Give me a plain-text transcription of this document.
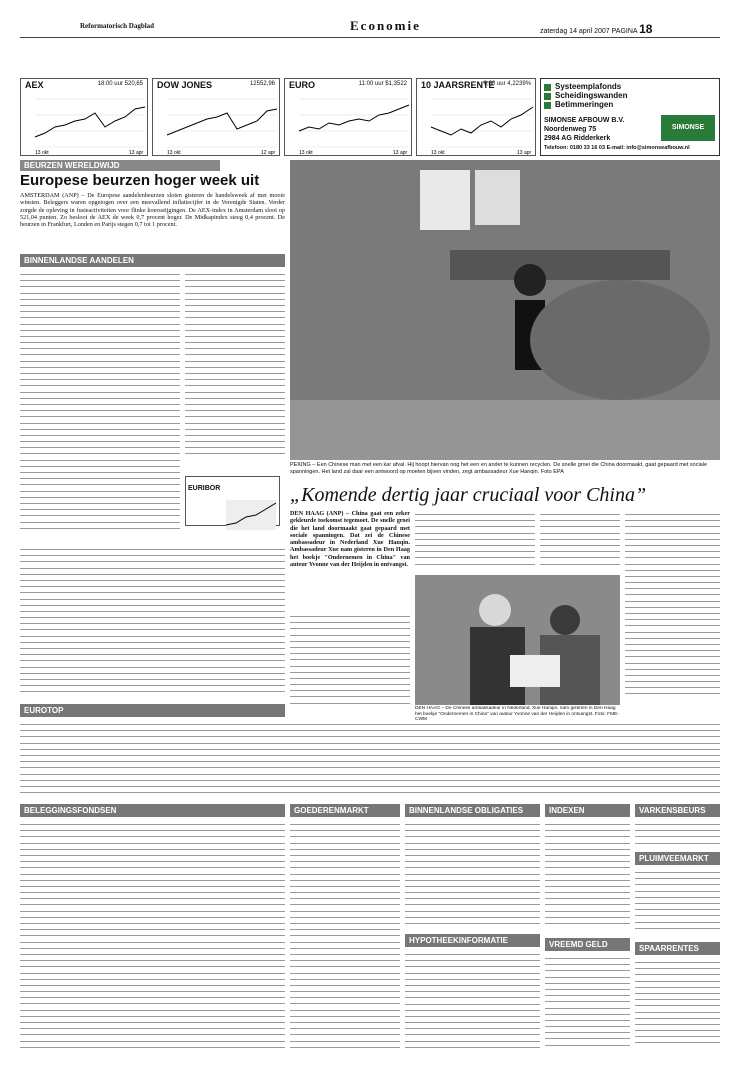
Reformatorisch Dagblad	Economie	zaterdag 14 april 2007 PAGINA 18
AEX	18:00 uur 520,65
13 okt	13 apr
DOW JONES	12552,96
13 okt	12 apr
EURO	11:00 uur $1,3522
13 okt	13 apr
10 JAARSRENTE
0,00 uur 4,2239%
13 okt	13 apr
Systeemplafonds
Scheidingswanden
Betimmeringen
SIMONSE AFBOUW B.V.
Noordenweg 75
2984 AG Ridderkerk
SIMONSE
Telefoon: 0180 33 16 03 E-mail: info@simonseafbouw.nl
BEURZEN WERELDWIJD
Europese beurzen hoger week uit
AMSTERDAM (ANP) – De Europese aandelenbeurzen sloten gisteren de handelsweek af met mooie winsten. Beleggers waren opgetogen over een meevallend inflatiecijfer in de Verenigde Staten. Verder zorgde de opleving in fusieactiviteiten voor flinke koersstijgingen. De AEX-index in Amsterdam sloot op 521,04 punten. Zo besloot de AEX de week 0,7 procent hoger. De Midkapindex steeg 0,4 procent. De beurzen in Frankfurt, Londen en Parijs stegen 0,7 tot 1 procent.
BINNENLANDSE AANDELEN
EURIBOR
EUROTOP
PEKING – Een Chinese man met een kar afval. Hij hoopt hiervan nog het een en ander te kunnen recyclen. De snelle groei die China doormaakt, gaat gepaard met sociale spanningen. Het land zal daar een antwoord op moeten bijven vinden, zegt ambassadeur Xue Hanqin. Foto EPA
„Komende dertig jaar cruciaal voor China”
DEN HAAG (ANP) – China gaat een zeker gekleurde toekomst tegemoet. De snelle groei die het land doormaakt gaat gepaard met sociale spanningen. Dat zei de Chinese ambassadeur in Nederland Xue Hanqin. Ambassadeur Xue nam gisteren in Den Haag het boekje "Ondernemen in China" van auteur Yvonne van der Heijden in ontvangst.
DEN HAAG – De Chinese ambassadeur in Nederland, Xue Hanqin, nam gisteren in Den Haag het boekje "Ondernemen in China" van auteur Yvonne van der Heijden in ontvangst. Foto: FME-CWM
BELEGGINGSFONDSEN	GOEDERENMARKT	BINNENLANDSE OBLIGATIES
HYPOTHEEKINFORMATIE
INDEXEN
VREEMD GELD
VARKENSBEURS
PLUIMVEEMARKT
SPAARRENTES
